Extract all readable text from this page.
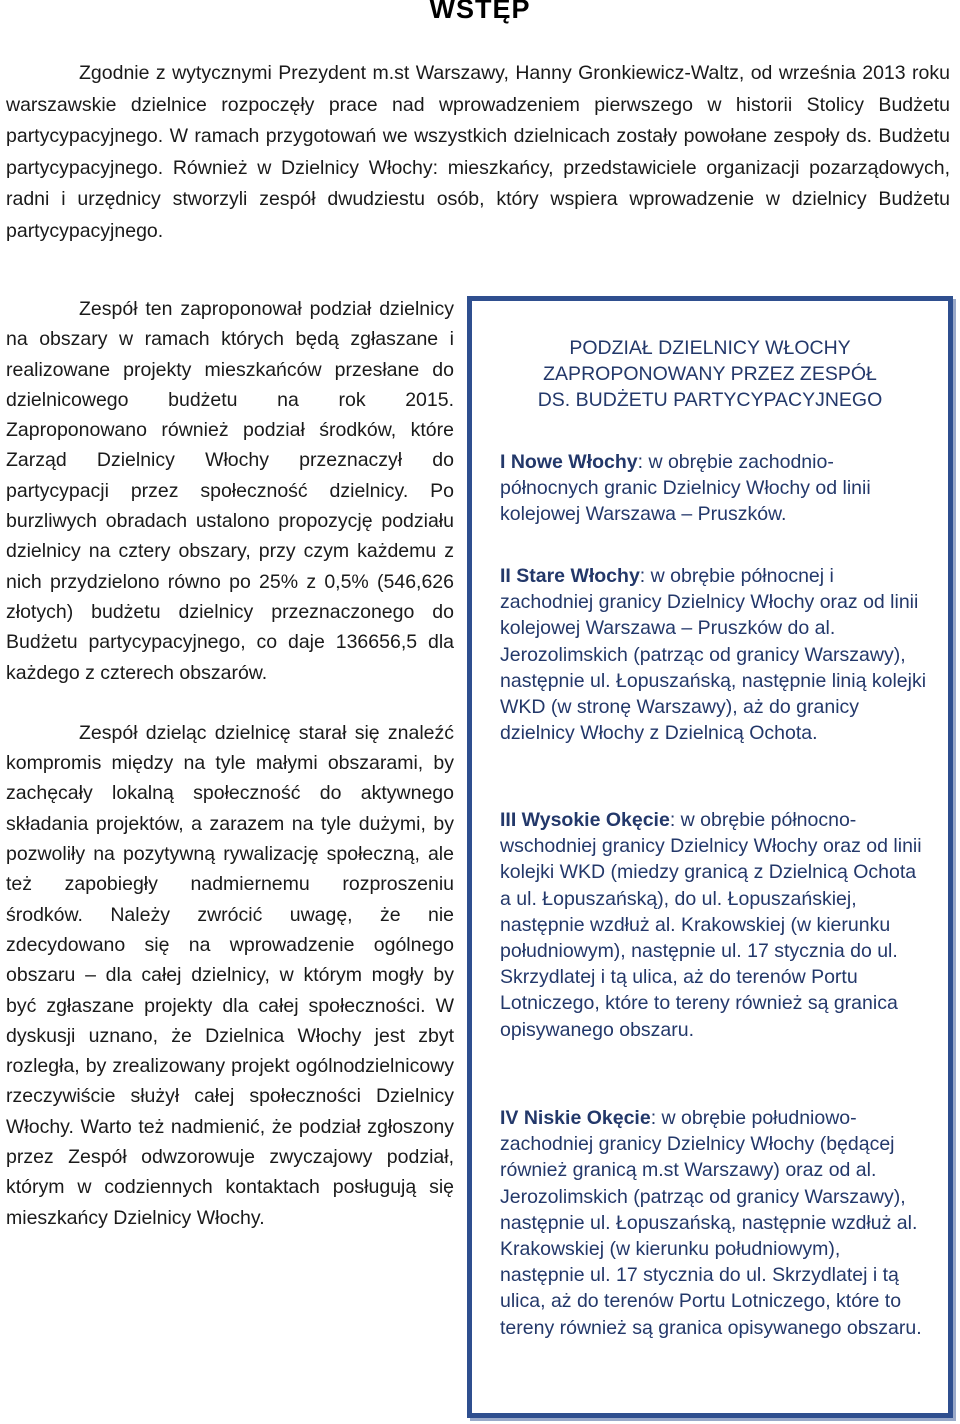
WSTĘP

Zgodnie z wytycznymi Prezydent m.st Warszawy, Hanny Gronkiewicz-Waltz, od września 2013 roku warszawskie dzielnice rozpoczęły prace nad wprowadzeniem pierwszego w historii Stolicy Budżetu partycypacyjnego. W ramach przygotowań we wszystkich dzielnicach zostały powołane zespoły ds. Budżetu partycypacyjnego. Również w Dzielnicy Włochy: mieszkańcy, przedstawiciele organizacji pozarządowych, radni i urzędnicy stworzyli zespół dwudziestu osób, który wspiera wprowadzenie w dzielnicy Budżetu partycypacyjnego.

Zespół ten zaproponował podział dzielnicy na obszary w ramach których będą zgłaszane i realizowane projekty mieszkańców przesłane do dzielnicowego budżetu na rok 2015. Zaproponowano również podział środków, które Zarząd Dzielnicy Włochy przeznaczył do partycypacji przez społeczność dzielnicy. Po burzliwych obradach ustalono propozycję podziału dzielnicy na cztery obszary, przy czym każdemu z nich przydzielono równo po 25% z 0,5% (546,626 złotych) budżetu dzielnicy przeznaczonego do Budżetu partycypacyjnego, co daje 136656,5 dla każdego z czterech obszarów.

Zespół dzieląc dzielnicę starał się znaleźć kompromis między na tyle małymi obszarami, by zachęcały lokalną społeczność do aktywnego składania projektów, a zarazem na tyle dużymi, by pozwoliły na pozytywną rywalizację społeczną, ale też zapobiegły nadmiernemu rozproszeniu środków. Należy zwrócić uwagę, że nie zdecydowano się na wprowadzenie ogólnego obszaru – dla całej dzielnicy, w którym mogły by być zgłaszane projekty dla całej społeczności. W dyskusji uznano, że Dzielnica Włochy jest zbyt rozległa, by zrealizowany projekt ogólnodzielnicowy rzeczywiście służył całej społeczności Dzielnicy Włochy. Warto też nadmienić, że podział zgłoszony przez Zespół odwzorowuje zwyczajowy podział, którym w codziennych kontaktach posługują się mieszkańcy Dzielnicy Włochy.

PODZIAŁ DZIELNICY WŁOCHY
ZAPROPONOWANY PRZEZ ZESPÓŁ
DS. BUDŻETU PARTYCYPACYJNEGO
I Nowe Włochy: w obrębie zachodnio-północnych granic Dzielnicy Włochy od linii kolejowej Warszawa – Pruszków.
II Stare Włochy: w obrębie północnej i zachodniej granicy Dzielnicy Włochy oraz od linii kolejowej Warszawa – Pruszków do al. Jerozolimskich (patrząc od granicy Warszawy), następnie ul. Łopuszańską, następnie linią kolejki WKD (w stronę Warszawy), aż do granicy dzielnicy Włochy z Dzielnicą Ochota.
III Wysokie Okęcie: w obrębie północno-wschodniej granicy Dzielnicy Włochy oraz od linii kolejki WKD (miedzy granicą z Dzielnicą Ochota a ul. Łopuszańską), do ul. Łopuszańskiej, następnie wzdłuż al. Krakowskiej (w kierunku południowym), następnie ul. 17 stycznia do ul. Skrzydlatej i tą ulica, aż do terenów Portu Lotniczego, które to tereny również są granica opisywanego obszaru.
IV Niskie Okęcie: w obrębie południowo-zachodniej granicy Dzielnicy Włochy (będącej również granicą m.st Warszawy) oraz od al. Jerozolimskich (patrząc od granicy Warszawy), następnie ul. Łopuszańską, następnie wzdłuż al. Krakowskiej (w kierunku południowym), następnie ul. 17 stycznia do ul. Skrzydlatej i tą ulica, aż do terenów Portu Lotniczego, które to tereny również są granica opisywanego obszaru.
